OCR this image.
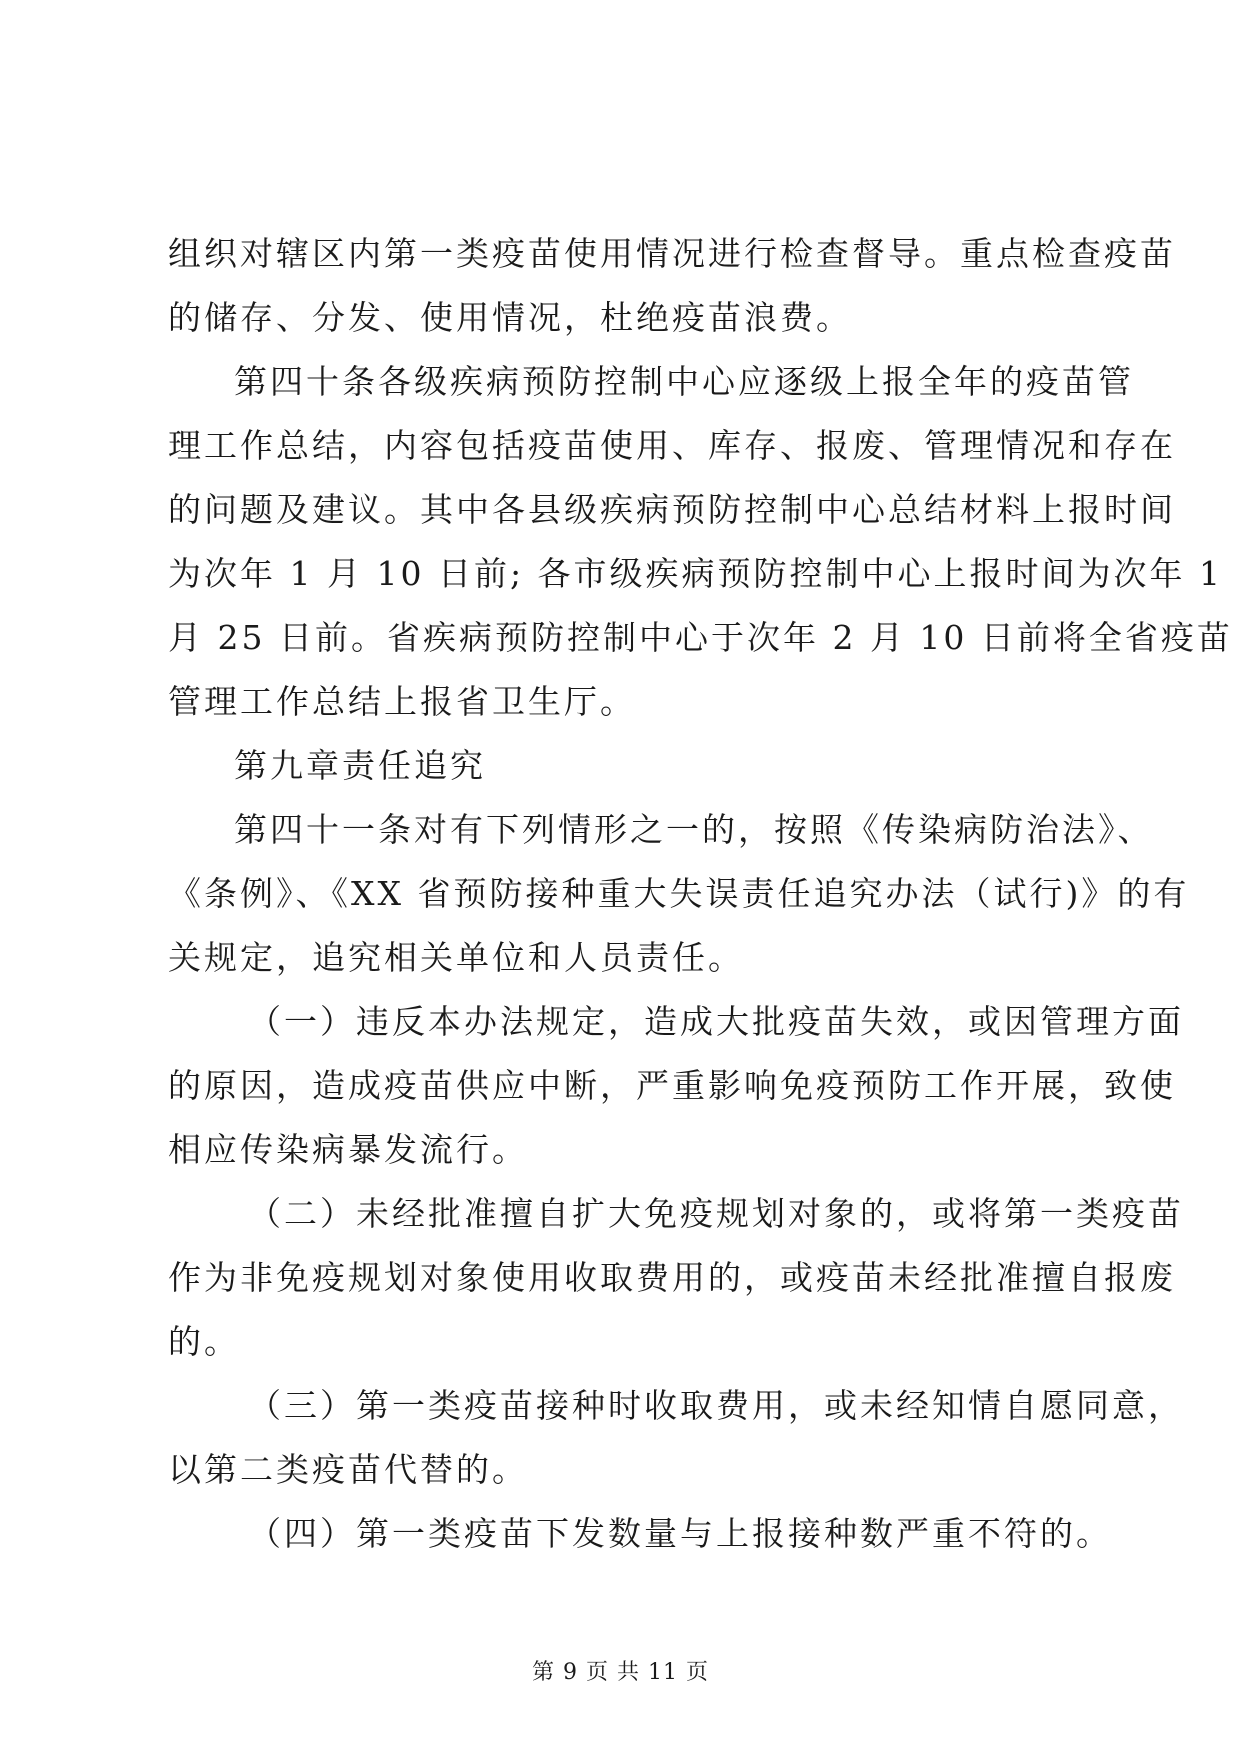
组织对辖区内第一类疫苗使用情况进行检查督导。重点检查疫苗
的储存、分发、使用情况，杜绝疫苗浪费。
第四十条各级疾病预防控制中心应逐级上报全年的疫苗管
理工作总结，内容包括疫苗使用、库存、报废、管理情况和存在
的问题及建议。其中各县级疾病预防控制中心总结材料上报时间
为次年 1 月 10 日前; 各市级疾病预防控制中心上报时间为次年 1
月 25 日前。省疾病预防控制中心于次年 2 月 10 日前将全省疫苗
管理工作总结上报省卫生厅。
第九章责任追究
第四十一条对有下列情形之一的，按照《传染病防治法》、
《条例》、《XX 省预防接种重大失误责任追究办法（试行)》的有
关规定，追究相关单位和人员责任。
（一）违反本办法规定，造成大批疫苗失效，或因管理方面
的原因，造成疫苗供应中断，严重影响免疫预防工作开展，致使
相应传染病暴发流行。
（二）未经批准擅自扩大免疫规划对象的，或将第一类疫苗
作为非免疫规划对象使用收取费用的，或疫苗未经批准擅自报废
的。
（三）第一类疫苗接种时收取费用，或未经知情自愿同意，
以第二类疫苗代替的。
（四）第一类疫苗下发数量与上报接种数严重不符的。
第 9 页 共 11 页
